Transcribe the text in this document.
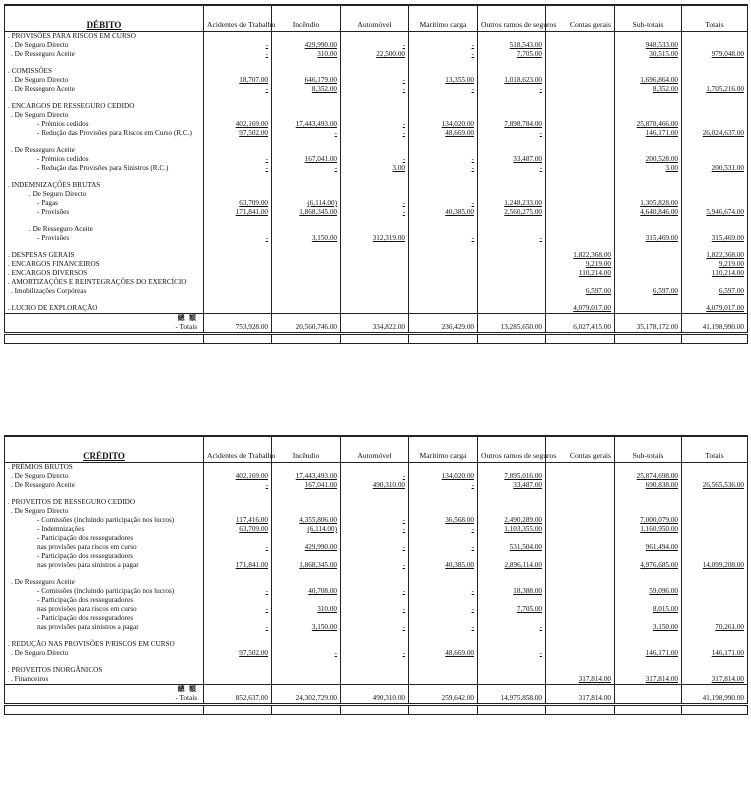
DÉBITO	Acidentes de Trabalho	Incêndio	Automóvel	Marítimo carga	Outros ramos de seguros	Contas gerais	Sub-totais	Totais
. PROVISÕES PARA RISCOS EM CURSO								
. De Seguro Directo	-	429,990.00	-	-	518,543.00		948,533.00	
. De Resseguro Aceite	-	310.00	22,500.00	-	7,705.00		30,515.00	979,048.00

. COMISSÕES								
. De Seguro Directo	18,707.00	646,179.00	-	13,355.00	1,018,623.00		1,696,864.00	
. De Resseguro Aceite	-	8,352.00	-	-	-		8,352.00	1,705,216.00

. ENCARGOS DE RESSEGURO CEDIDO								
. De Seguro Directo								
- Prémios cedidos	402,169.00	17,443,493.00	-	134,020.00	7,898,784.00		25,878,466.00	
- Redução das Provisões para Riscos em Curso (R.C.)	97,502.00	-	-	48,669.00	-		146,171.00	26,024,637.00

. De Resseguro Aceite								
- Prémios cedidos	-	167,041.00	-	-	33,487.00		200,528.00	
- Redução das Provisões para Sinistros (R.C.)	-	-	3.00	-	-		3.00	200,531.00

. INDEMNIZAÇÕES BRUTAS								
. De Seguro Directo								
- Pagas	63,709.00	(6,114.00)	-	-	1,248,233.00		1,305,828.00	
- Provisões	171,841.00	1,868,345.00	-	40,385.00	2,560,275.00		4,640,846.00	5,946,674.00

. De Resseguro Aceite								
- Provisões	-	3,150.00	312,319.00	-	-		315,469.00	315,469.00

. DESPESAS GERAIS						1,822,368.00		1,822,368.00
. ENCARGOS FINANCEIROS						9,219.00		9,219.00
. ENCARGOS DIVERSOS						110,214.00		110,214.00
. AMORTIZAÇÕES E REINTEGRAÇÕES DO EXERCÍCIO								
. Imobilizações Corpóreas						6,597.00	6,597.00	6,597.00

. LUCRO DE EXPLORAÇÃO						4,079,017.00		4,079,017.00

總 額
- Totais	753,928.00	20,560,746.00	334,822.00	236,429.00	13,285,650.00	6,027,415.00	35,178,172.00	41,198,990.00

CRÉDITO	Acidentes de Trabalho	Incêndio	Automóvel	Marítimo carga	Outros ramos de seguros	Contas gerais	Sub-totais	Totais
. PRÉMIOS BRUTOS								
. De Seguro Directo	402,169.00	17,443,493.00	-	134,020.00	7,895,016.00		25,874,698.00	
. De Resseguro Aceite	-	167,041.00	490,310.00	-	33,487.00		690,838.00	26,565,536.00

. PROVEITOS DE RESSEGURO CEDIDO								
. De Seguro Directo								
- Comissões (incluindo participação nos lucros)	117,416.00	4,355,806.00	-	36,568.00	2,490,289.00		7,000,079.00	
- Indemnizações	63,709.00	(6,114.00)	-	-	1,103,355.00		1,160,950.00	
- Participação dos resseguradores								
nas provisões para riscos em curso	-	429,990.00	-	-	531,504.00		961,494.00	
- Participação dos resseguradores								
nas provisões para sinistros a pagar	171,841.00	1,868,345.00	-	40,385.00	2,896,114.00		4,976,685.00	14,099,208.00

. De Resseguro Aceite								
- Comissões (incluindo participação nos lucros)	-	40,708.00	-	-	18,388.00		59,096.00	
- Participação dos resseguradores								
nas provisões para riscos em curso	-	310.00	-	-	7,705.00		8,015.00	
- Participação dos resseguradores								
nas provisões para sinistros a pagar	-	3,150.00	-	-	-		3,150.00	70,261.00

. REDUÇÃO NAS PROVISÕES P/RISCOS EM CURSO								
. De Seguro Directo	97,502.00	-	-	48,669.00	-		146,171.00	146,171.00

. PROVEITOS INORGÂNICOS								
. Financeiros						317,814.00	317,814.00	317,814.00

總 額
- Totais	852,637.00	24,302,729.00	490,310.00	259,642.00	14,975,858.00	317,814.00		41,198,990.00
